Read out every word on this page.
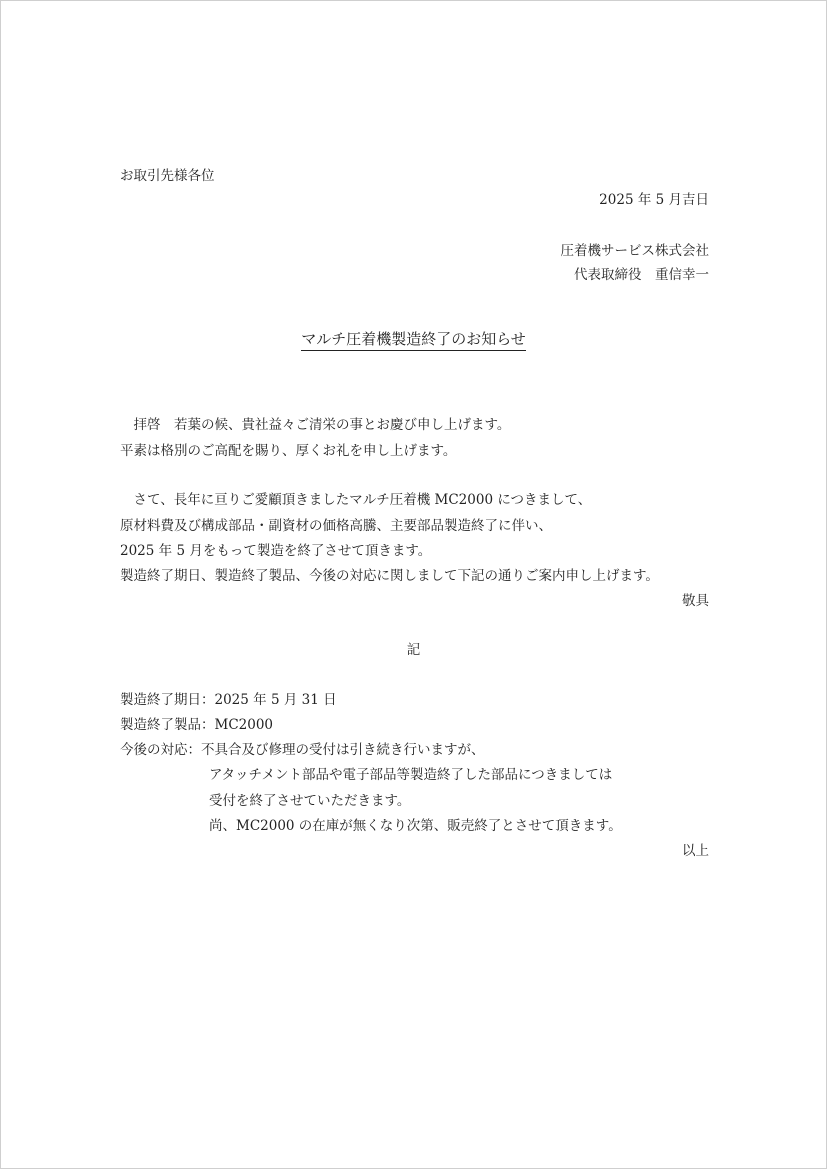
お取引先様各位
2025 年 5 月吉日
圧着機サービス株式会社
代表取締役　重信幸一
マルチ圧着機製造終了のお知らせ
　拝啓　若葉の候、貴社益々ご清栄の事とお慶び申し上げます。
平素は格別のご高配を賜り、厚くお礼を申し上げます。
　さて、長年に亘りご愛顧頂きましたマルチ圧着機 MC2000 につきまして、
原材料費及び構成部品・副資材の価格高騰、主要部品製造終了に伴い、
2025 年 5 月をもって製造を終了させて頂きます。
製造終了期日、製造終了製品、今後の対応に関しまして下記の通りご案内申し上げます。
敬具
記
製造終了期日：2025 年 5 月 31 日
製造終了製品：MC2000
今後の対応：不具合及び修理の受付は引き続き行いますが、
アタッチメント部品や電子部品等製造終了した部品につきましては
受付を終了させていただきます。
尚、MC2000 の在庫が無くなり次第、販売終了とさせて頂きます。
以上
